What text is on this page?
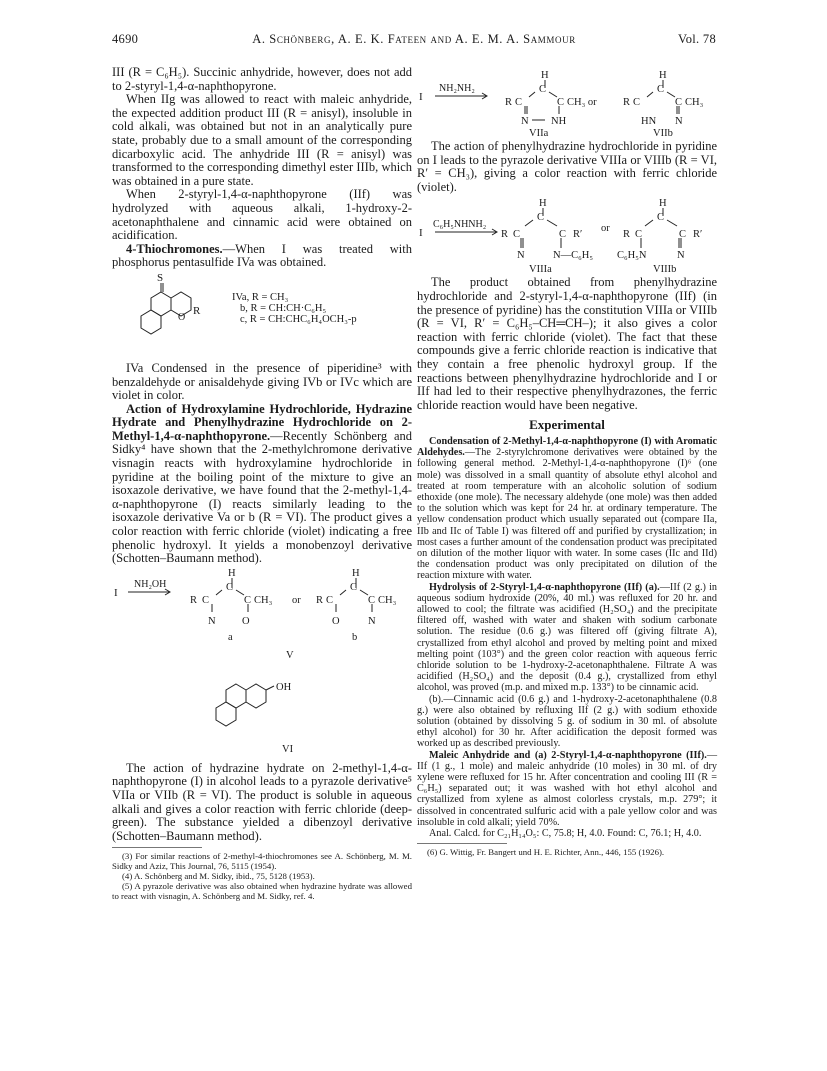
4690	A. Schönberg, A. E. K. Fateen and A. E. M. A. Sammour	Vol. 78

III (R = C₆H₅). Succinic anhydride, however, does not add to 2-styryl-1,4-α-naphthopyrone.

When IIg was allowed to react with maleic anhydride, the expected addition product III (R = anisyl), insoluble in cold alkali, was obtained but not in an analytically pure state, probably due to a small amount of the corresponding dicarboxylic acid. The anhydride III (R = anisyl) was transformed to the corresponding dimethyl ester IIIb, which was obtained in a pure state.

When 2-styryl-1,4-α-naphthopyrone (IIf) was hydrolyzed with aqueous alkali, 1-hydroxy-2-acetonaphthalene and cinnamic acid were obtained on acidification.

4-Thiochromones.—When I was treated with phosphorus pentasulfide IVa was obtained.

S
R
O
IVa, R = CH₃
b, R = CH:CH·C₆H₅
c, R = CH:CHC₆H₄OCH₃-p

IVa Condensed in the presence of piperidine³ with benzaldehyde or anisaldehyde giving IVb or IVc which are violet in color.

Action of Hydroxylamine Hydrochloride, Hydrazine Hydrate and Phenylhydrazine Hydrochloride on 2-Methyl-1,4-α-naphthopyrone.—Recently Schönberg and Sidky⁴ have shown that the 2-methylchromone derivative visnagin reacts with hydroxylamine hydrochloride in pyridine at the boiling point of the mixture to give an isoxazole derivative, we have found that the 2-methyl-1,4-α-naphthopyrone (I) reacts similarly leading to the isoxazole derivative Va or b (R = VI). The product gives a color reaction with ferric chloride (violet) indicating a free phenolic hydroxyl. It yields a monobenzoyl derivative (Schotten–Baumann method).

I
NH₂OH
H	H
C	C
R C	C CH₃ or R C	C CH₃
N	O	O	N
a	b
V
OH
VI

The action of hydrazine hydrate on 2-methyl-1,4-α-naphthopyrone (I) in alcohol leads to a pyrazole derivative⁵ VIIa or VIIb (R = VI). The product is soluble in aqueous alkali and gives a color reaction with ferric chloride (deep-green). The substance yielded a dibenzoyl derivative (Schotten–Baumann method).

(3) For similar reactions of 2-methyl-4-thiochromones see A. Schönberg, M. M. Sidky and Aziz, This Journal, 76, 5115 (1954).

(4) A. Schönberg and M. Sidky, ibid., 75, 5128 (1953).

(5) A pyrazole derivative was also obtained when hydrazine hydrate was allowed to react with visnagin, A. Schönberg and M. Sidky, ref. 4.

I
NH₂NH₂
H	H
C	C
R C	C CH₃ or	R C	C CH₃
N NH	HN N
VIIa	VIIb

The action of phenylhydrazine hydrochloride in pyridine on I leads to the pyrazole derivative VIIIa or VIIIb (R = VI, R′ = CH₃), giving a color reaction with ferric chloride (violet).

I
C₆H₅NHNH₂
H	H
C	C
R C	C R′
or
R C	C R′
N	N—C₆H₅ C₆H₅N	N
VIIIa	VIIIb

The product obtained from phenylhydrazine hydrochloride and 2-styryl-1,4-α-naphthopyrone (IIf) (in the presence of pyridine) has the constitution VIIIa or VIIIb (R = VI, R′ = C₆H₅–CH═CH–); it also gives a color reaction with ferric chloride (violet). The fact that these compounds give a ferric chloride reaction is indicative that they contain a free phenolic hydroxyl group. If the reactions between phenylhydrazine hydrochloride and I or IIf had led to their respective phenylhydrazones, the ferric chloride reaction would have been negative.

Experimental

Condensation of 2-Methyl-1,4-α-naphthopyrone (I) with Aromatic Aldehydes.—The 2-styrylchromone derivatives were obtained by the following general method. 2-Methyl-1,4-α-naphthopyrone (I)⁶ (one mole) was dissolved in a small quantity of absolute ethyl alcohol and treated at room temperature with an alcoholic solution of sodium ethoxide (one mole). The necessary aldehyde (one mole) was then added to the solution which was kept for 24 hr. at ordinary temperature. The yellow condensation product which usually separated out (compare IIa, IIb and IIc of Table I) was filtered off and purified by crystallization; in most cases a further amount of the condensation product was precipitated on dilution of the mother liquor with water. In some cases (IIc and IId) the condensation product was only precipitated on dilution of the reaction mixture with water.

Hydrolysis of 2-Styryl-1,4-α-naphthopyrone (IIf) (a).—IIf (2 g.) in aqueous sodium hydroxide (20%, 40 ml.) was refluxed for 20 hr. and allowed to cool; the filtrate was acidified (H₂SO₄) and the precipitate filtered off, washed with water and shaken with sodium carbonate solution. The residue (0.6 g.) was filtered off (giving filtrate A), crystallized from ethyl alcohol and proved by melting point and mixed melting point (103°) and the green color reaction with aqueous ferric chloride solution to be 1-hydroxy-2-acetonaphthalene. Filtrate A was acidified (H₂SO₄) and the deposit (0.4 g.), crystallized from ethyl alcohol, was proved (m.p. and mixed m.p. 133°) to be cinnamic acid.

(b).—Cinnamic acid (0.6 g.) and 1-hydroxy-2-acetonaphthalene (0.8 g.) were also obtained by refluxing IIf (2 g.) with sodium ethoxide solution (obtained by dissolving 5 g. of sodium in 30 ml. of absolute ethyl alcohol) for 30 hr. After acidification the deposit formed was worked up as described previously.

Maleic Anhydride and (a) 2-Styryl-1,4-α-naphthopyrone (IIf).—IIf (1 g., 1 mole) and maleic anhydride (10 moles) in 30 ml. of dry xylene were refluxed for 15 hr. After concentration and cooling III (R = C₆H₅) separated out; it was washed with hot ethyl alcohol and crystallized from xylene as almost colorless crystals, m.p. 279°; it dissolved in concentrated sulfuric acid with a pale yellow color and was insoluble in cold alkali; yield 70%.

Anal. Calcd. for C₂₁H₁₄O₅: C, 75.8; H, 4.0. Found: C, 76.1; H, 4.0.

(6) G. Wittig, Fr. Bangert und H. E. Richter, Ann., 446, 155 (1926).
